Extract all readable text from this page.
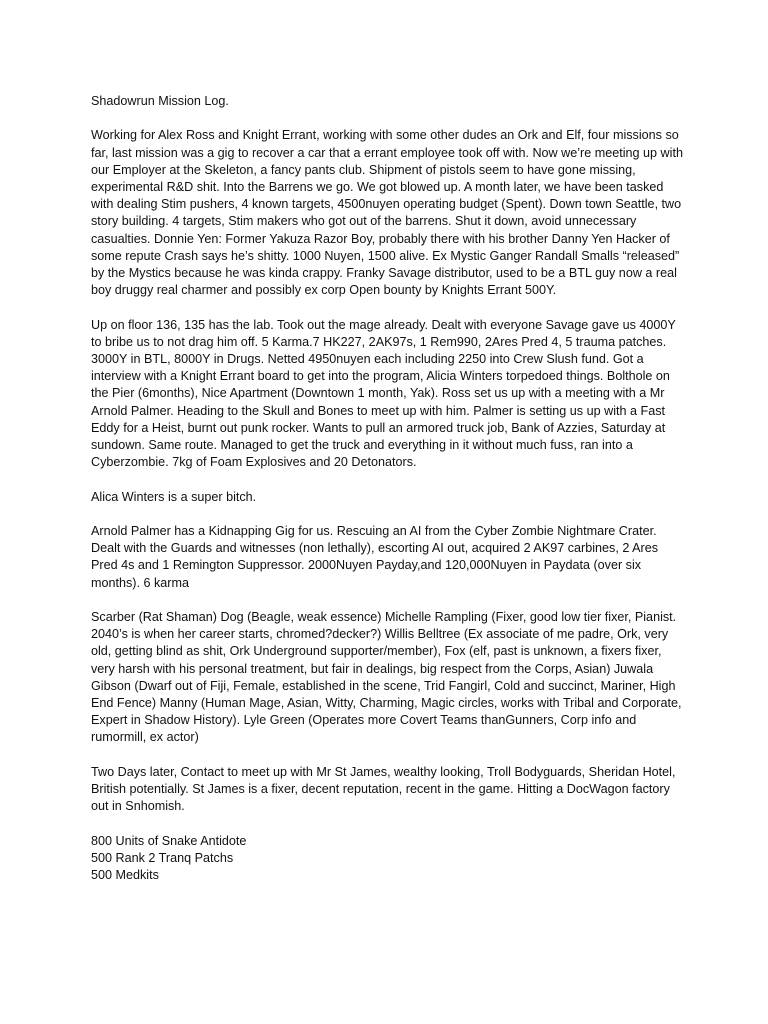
Shadowrun Mission Log.

Working for Alex Ross and Knight Errant, working with some other dudes an Ork and Elf, four missions so far, last mission was a gig to recover a car that a errant employee took off with. Now we’re meeting up with our Employer at the Skeleton, a fancy pants club. Shipment of pistols seem to have gone missing, experimental R&D shit. Into the Barrens we go. We got blowed up. A month later, we have been tasked with dealing Stim pushers, 4 known targets, 4500nuyen operating budget (Spent). Down town Seattle, two story building. 4 targets, Stim makers who got out of the barrens. Shut it down, avoid unnecessary casualties. Donnie Yen: Former Yakuza Razor Boy, probably there with his brother Danny Yen Hacker of some repute Crash says he’s shitty. 1000 Nuyen, 1500 alive. Ex Mystic Ganger Randall Smalls “released” by the Mystics because he was kinda crappy. Franky Savage distributor, used to be a BTL guy now a real boy druggy real charmer and possibly ex corp Open bounty by Knights Errant 500Y.

Up on floor 136, 135 has the lab. Took out the mage already. Dealt with everyone Savage gave us 4000Y to bribe us to not drag him off. 5 Karma.7 HK227, 2AK97s, 1 Rem990, 2Ares Pred 4, 5 trauma patches. 3000Y in BTL, 8000Y in Drugs. Netted 4950nuyen each including 2250 into Crew Slush fund. Got a interview with a Knight Errant board to get into the program, Alicia Winters torpedoed things. Bolthole on the Pier (6months), Nice Apartment (Downtown 1 month, Yak). Ross set us up with a meeting with a Mr Arnold Palmer. Heading to the Skull and Bones to meet up with him. Palmer is setting us up with a Fast Eddy for a Heist, burnt out punk rocker. Wants to pull an armored truck job, Bank of Azzies, Saturday at sundown. Same route. Managed to get the truck and everything in it without much fuss, ran into a Cyberzombie. 7kg of Foam Explosives and 20 Detonators.

Alica Winters is a super bitch.

Arnold Palmer has a Kidnapping Gig for us. Rescuing an AI from the Cyber Zombie Nightmare Crater. Dealt with the Guards and witnesses (non lethally), escorting AI out, acquired 2 AK97 carbines, 2 Ares Pred 4s and 1 Remington Suppressor. 2000Nuyen Payday,and 120,000Nuyen in Paydata (over six months). 6 karma

Scarber (Rat Shaman) Dog (Beagle, weak essence) Michelle Rampling (Fixer, good low tier fixer, Pianist. 2040’s is when her career starts, chromed?decker?) Willis Belltree (Ex associate of me padre, Ork, very old, getting blind as shit, Ork Underground supporter/member), Fox (elf, past is unknown, a fixers fixer, very harsh with his personal treatment, but fair in dealings, big respect from the Corps, Asian) Juwala Gibson (Dwarf out of Fiji, Female, established in the scene, Trid Fangirl, Cold and succinct, Mariner, High End Fence) Manny (Human Mage, Asian, Witty, Charming, Magic circles, works with Tribal and Corporate, Expert in Shadow History). Lyle Green (Operates more Covert Teams thanGunners, Corp info and rumormill, ex actor)

Two Days later, Contact to meet up with Mr St James, wealthy looking, Troll Bodyguards, Sheridan Hotel, British potentially. St James is a fixer, decent reputation, recent in the game. Hitting a DocWagon factory out in Snhomish.

800 Units of Snake Antidote
500 Rank 2 Tranq Patchs
500 Medkits
